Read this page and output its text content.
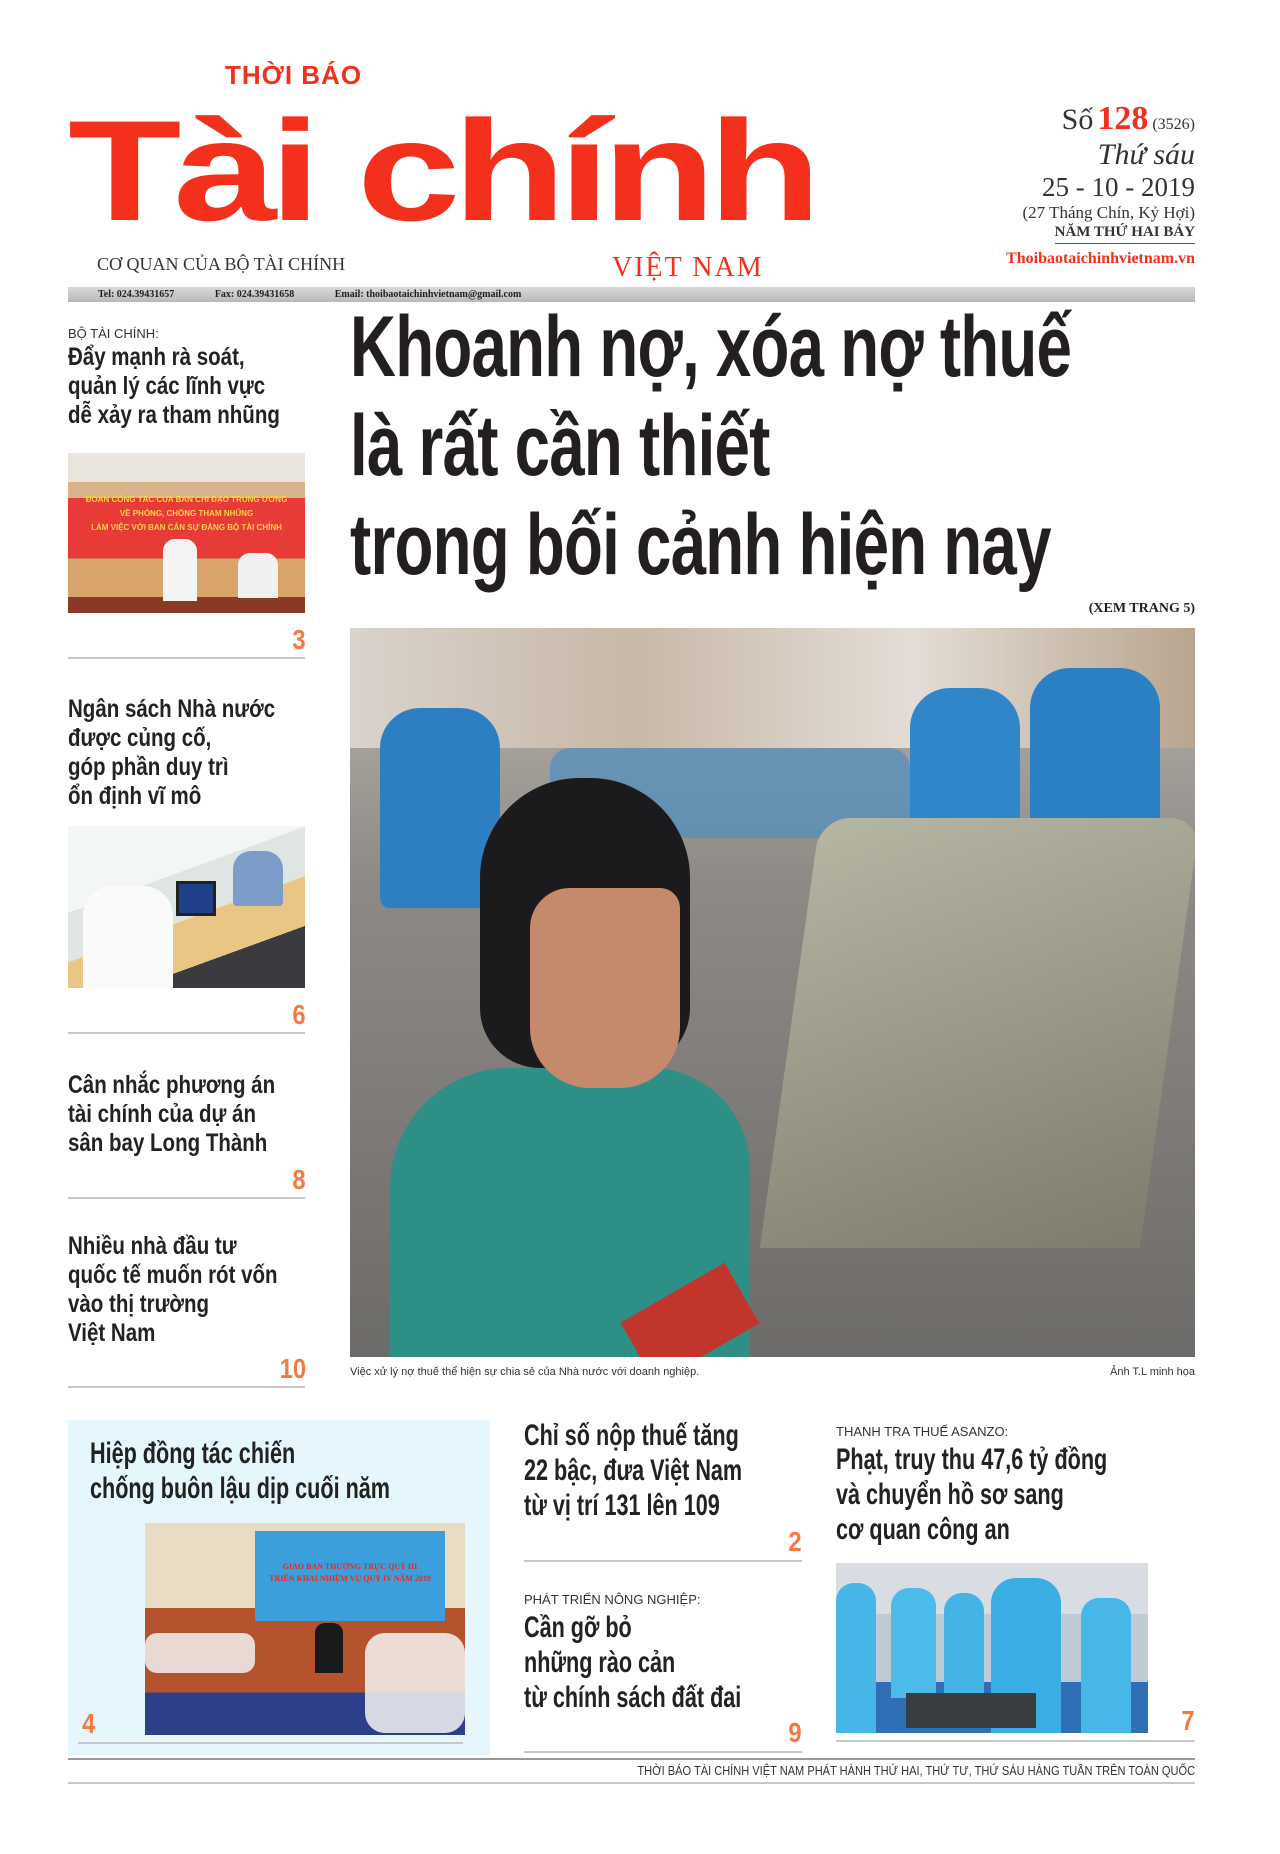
THỜI BÁO
Tài chính
CƠ QUAN CỦA BỘ TÀI CHÍNH	VIỆT NAM
Tel: 024.39431657	Fax: 024.39431658	Email: thoibaotaichinhvietnam@gmail.com
Số 128 (3526)
Thứ sáu
25 - 10 - 2019
(27 Tháng Chín, Kỷ Hợi)
NĂM THỨ HAI BẢY
Thoibaotaichinhvietnam.vn
BỘ TÀI CHÍNH:
Đẩy mạnh rà soát,
quản lý các lĩnh vực
dễ xảy ra tham nhũng
ĐOÀN CÔNG TÁC CỦA BAN CHỈ ĐẠO TRUNG ƯƠNG
VỀ PHÒNG, CHỐNG THAM NHŨNG
LÀM VIỆC VỚI BAN CÁN SỰ ĐẢNG BỘ TÀI CHÍNH
3
Ngân sách Nhà nước
được củng cố,
góp phần duy trì
ổn định vĩ mô
6
Cân nhắc phương án
tài chính của dự án
sân bay Long Thành
8
Nhiều nhà đầu tư
quốc tế muốn rót vốn
vào thị trường
Việt Nam
10
Khoanh nợ, xóa nợ thuế
là rất cần thiết
trong bối cảnh hiện nay
(XEM TRANG 5)
Việc xử lý nợ thuế thể hiện sự chia sẻ của Nhà nước với doanh nghiệp.	Ảnh T.L minh họa
Hiệp đồng tác chiến
chống buôn lậu dịp cuối năm
GIAO BAN THƯỜNG TRỰC QUÝ III
TRIỂN KHAI NHIỆM VỤ QUÝ IV NĂM 2019
4
Chỉ số nộp thuế tăng
22 bậc, đưa Việt Nam
từ vị trí 131 lên 109
2
PHÁT TRIỂN NÔNG NGHIỆP:
Cần gỡ bỏ
những rào cản
từ chính sách đất đai
9
THANH TRA THUẾ ASANZO:
Phạt, truy thu 47,6 tỷ đồng
và chuyển hồ sơ sang
cơ quan công an
7
THỜI BÁO TÀI CHÍNH VIỆT NAM PHÁT HÀNH THỨ HAI, THỨ TƯ, THỨ SÁU HÀNG TUẦN TRÊN TOÀN QUỐC
